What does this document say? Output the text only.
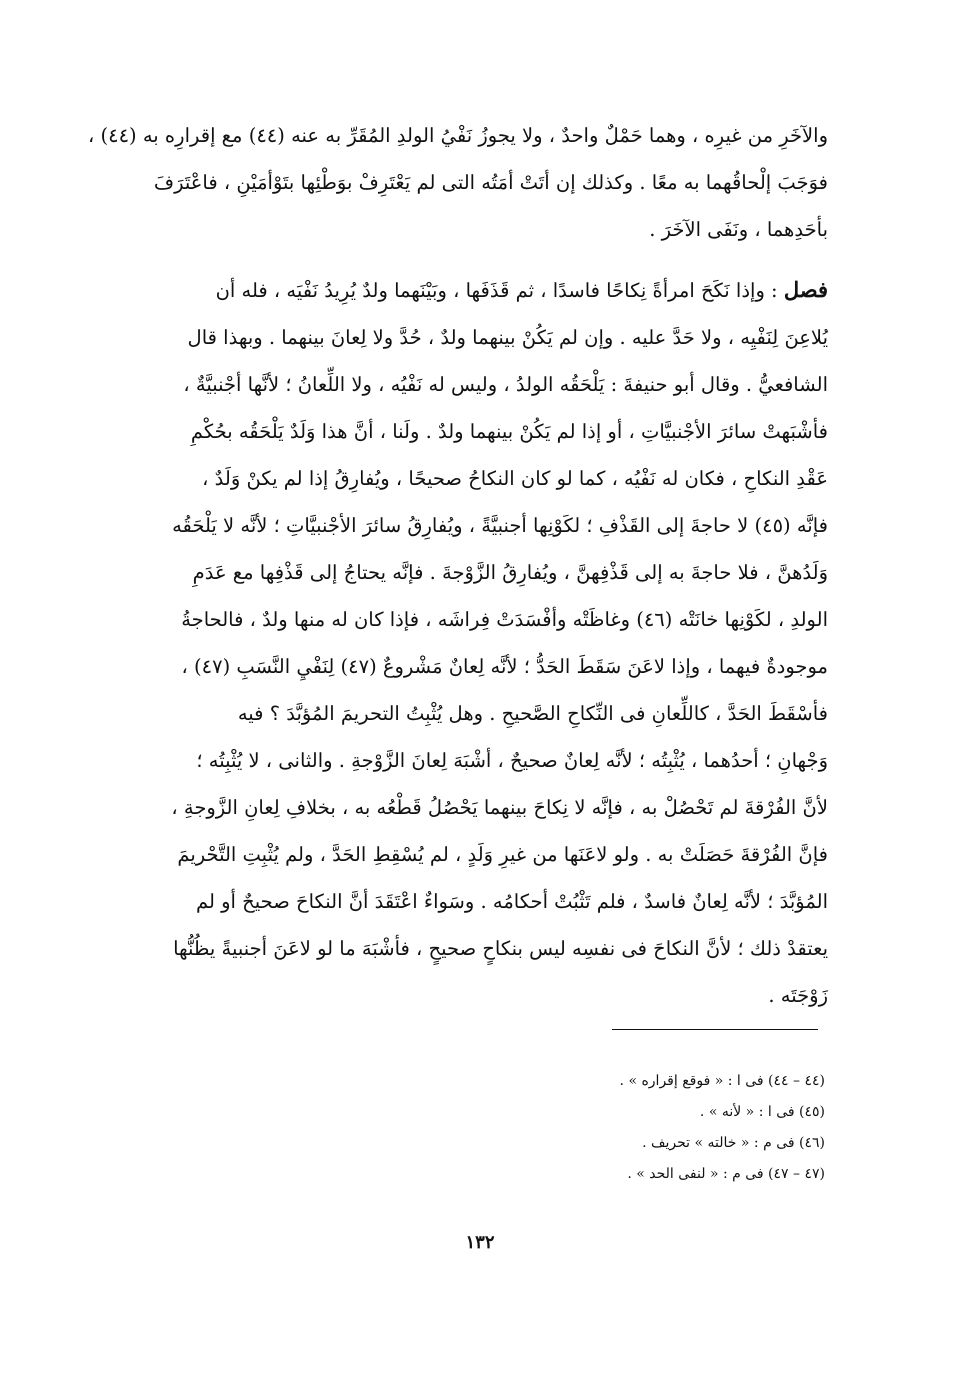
والآخَرِ من غيرِه ، وهما حَمْلٌ واحدٌ ، ولا يجوزُ نَفْيُ الولدِ المُقَرِّ به عنه (٤٤) مع إقرارِه به (٤٤) ،
فوَجَبَ إلْحاقُهما به معًا . وكذلك إن أتَتْ أمَتُه التى لم يَعْتَرِفْ بوَطْئِها بتَوْأمَيْنِ ، فاعْتَرَفَ
بأحَدِهما ، ونَفَى الآخَرَ .
فصل : وإذا نَكَحَ امرأةً نِكاحًا فاسدًا ، ثم قَذَفَها ، وبَيْنَهما ولدٌ يُرِيدُ نَفْيَه ، فله أن
يُلاعِنَ لِنَفْيِه ، ولا حَدَّ عليه . وإن لم يَكُنْ بينهما ولدٌ ، حُدَّ ولا لِعانَ بينهما . وبهذا قال
الشافعيُّ . وقال أبو حنيفةَ : يَلْحَقُه الولدُ ، وليس له نَفْيُه ، ولا اللِّعانُ ؛ لأنَّها أجْنبيَّةٌ ،
فأشْبَهتْ سائرَ الأجْنبيَّاتِ ، أو إذا لم يَكُنْ بينهما ولدٌ . ولَنا ، أنَّ هذا وَلَدٌ يَلْحَقُه بحُكْمِ
عَقْدِ النكاحِ ، فكان له نَفْيُه ، كما لو كان النكاحُ صحيحًا ، ويُفارِقُ إذا لم يكنْ وَلَدٌ ،
فإنَّه (٤٥) لا حاجةَ إلى القَذْفِ ؛ لكَوْنِها أجنبيَّةً ، ويُفارِقُ سائرَ الأجْنبيَّاتِ ؛ لأنَّه لا يَلْحَقُه
وَلَدُهنَّ ، فلا حاجةَ به إلى قَذْفِهنَّ ، ويُفارِقُ الزَّوْجةَ . فإنَّه يحتاجُ إلى قَذْفِها مع عَدَمِ
الولدِ ، لكَوْنِها خانَتْه (٤٦) وغاظَتْه وأفْسَدَتْ فِراشَه ، فإذا كان له منها ولدٌ ، فالحاجةُ
موجودةٌ فيهما ، وإذا لاعَنَ سَقَطَ الحَدُّ ؛ لأنَّه لِعانٌ مَشْروعٌ (٤٧) لِنَفْيِ النَّسَبِ (٤٧) ،
فأسْقَطَ الحَدَّ ، كاللِّعانِ فى النِّكاحِ الصَّحيحِ . وهل يُثْبِتُ التحريمَ المُؤبَّدَ ؟ فيه
وَجْهانِ ؛ أحدُهما ، يُثْبِتُه ؛ لأنَّه لِعانٌ صحيحٌ ، أشْبَهَ لِعانَ الزَّوْجةِ . والثانى ، لا يُثْبِتُه ؛
لأنَّ الفُرْقةَ لم تَحْصُلْ به ، فإنَّه لا نِكاحَ بينهما يَحْصُلُ قَطْعُه به ، بخلافِ لِعانِ الزَّوجةِ ،
فإنَّ الفُرْقةَ حَصَلَتْ به . ولو لاعَنَها من غيرِ وَلَدٍ ، لم يُسْقِطِ الحَدَّ ، ولم يُثْبِتِ التَّحْريمَ
المُؤبَّدَ ؛ لأنَّه لِعانٌ فاسدٌ ، فلم تَثْبُتْ أحكامُه . وسَواءٌ اعْتَقَدَ أنَّ النكاحَ صحيحٌ أو لم
يعتقدْ ذلك ؛ لأنَّ النكاحَ فى نفسِه ليس بنكاحٍ صحيحٍ ، فأشْبَهَ ما لو لاعَنَ أجنبيةً يظُنُّها
زَوْجَتَه .
(٤٤ – ٤٤) فى ا : « فوقع إقراره » .
(٤٥) فى ا : « لأنه » .
(٤٦) فى م : « خالته » تحريف .
(٤٧ – ٤٧) فى م : « لنفى الحد » .
١٣٢
